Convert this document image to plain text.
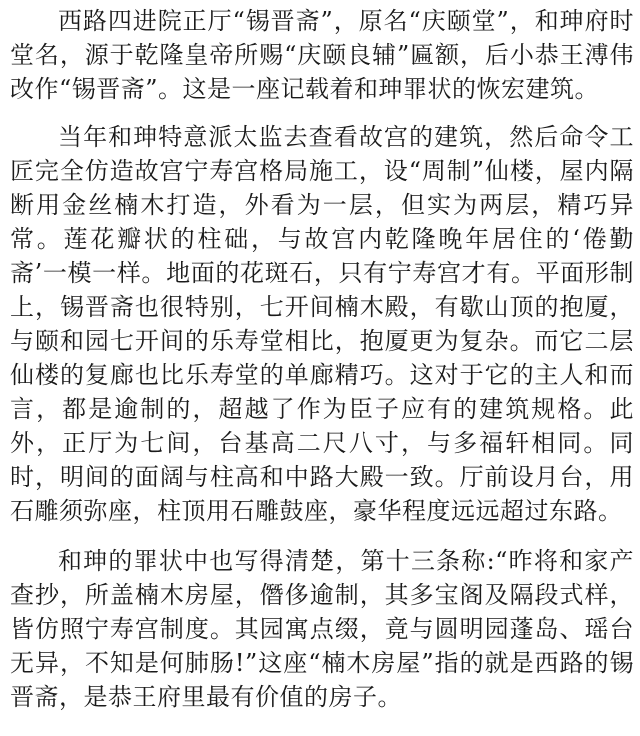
西路四进院正厅“锡晋斋”，原名“庆颐堂”，和珅府时堂名，源于乾隆皇帝所赐“庆颐良辅”匾额，后小恭王溥伟改作“锡晋斋”。这是一座记载着和珅罪状的恢宏建筑。

当年和珅特意派太监去查看故宫的建筑，然后命令工匠完全仿造故宫宁寿宫格局施工，设“周制”仙楼，屋内隔断用金丝楠木打造，外看为一层，但实为两层，精巧异常。莲花瓣状的柱础，与故宫内乾隆晚年居住的‘倦勤斋’一模一样。地面的花斑石，只有宁寿宫才有。平面形制上，锡晋斋也很特别，七开间楠木殿，有歇山顶的抱厦，与颐和园七开间的乐寿堂相比，抱厦更为复杂。而它二层仙楼的复廊也比乐寿堂的单廊精巧。这对于它的主人和而言，都是逾制的，超越了作为臣子应有的建筑规格。此外，正厅为七间，台基高二尺八寸，与多福轩相同。同时，明间的面阔与柱高和中路大殿一致。厅前设月台，用石雕须弥座，柱顶用石雕鼓座，豪华程度远远超过东路。

和珅的罪状中也写得清楚，第十三条称:“昨将和家产查抄，所盖楠木房屋，僭侈逾制，其多宝阁及隔段式样，皆仿照宁寿宫制度。其园寓点缀，竟与圆明园蓬岛、瑶台无异，不知是何肺肠!”这座“楠木房屋”指的就是西路的锡晋斋，是恭王府里最有价值的房子。
